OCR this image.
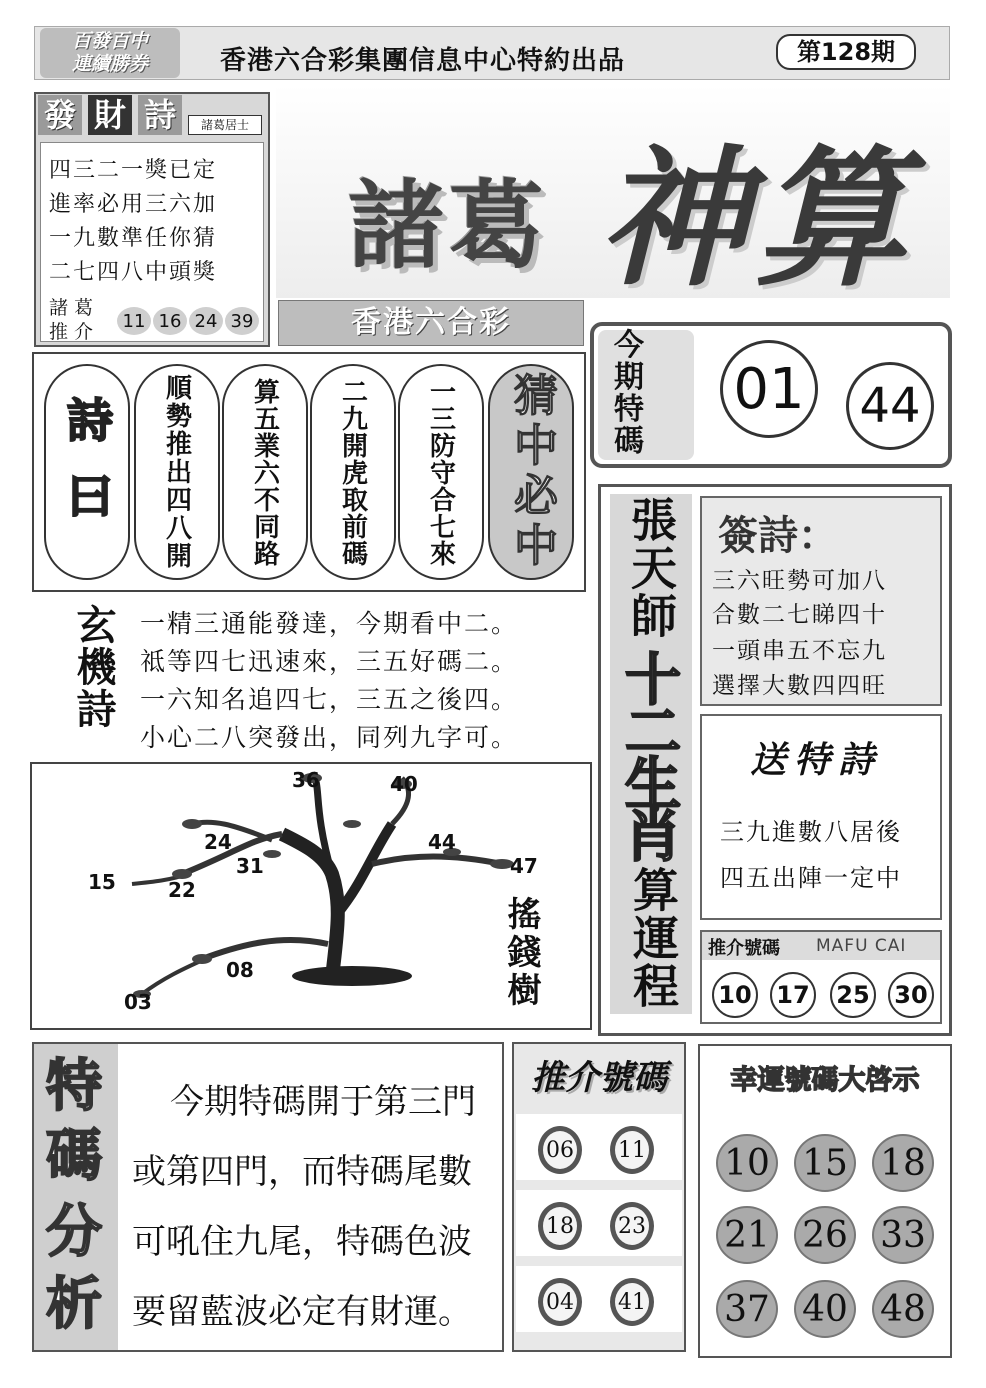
百發百中
連續勝券	香港六合彩集團信息中心特約出品	第128期
發 財 詩	諸葛居士
四三二一獎已定
進率必用三六加
一九數準任你猜
二七四八中頭獎
諸 葛
推 介	11 16 24 39
諸葛 神算
香港六合彩
今
期
特
碼
01 44
詩曰	順勢推出四八開	算五業六不同路	二九開虎取前碼	一三防守合七來	猜中必中
玄機詩 一精三通能發達，今期看中二。
祗等四七迅速來，三五好碼二。
一六知名追四七，三五之後四。
小心二八突發出，同列九字可。
36	40
24	44
31	47
15	22
08
03	搖錢樹
張天師
十二生肖
算運程
簽詩：
三六旺勢可加八
合數二七睇四十
一頭串五不忘九
選擇大數四四旺
送特詩
三九進數八居後
四五出陣一定中
推介號碼 MAFU CAI
10 17 25 30
特
碼
分
析
今期特碼開于第三門
或第四門，而特碼尾數
可吼住九尾，特碼色波
要留藍波必定有財運。
推介號碼
06	11
18	23
04	41
幸運號碼大啓示
10 15 18
21 26 33
37 40 48
